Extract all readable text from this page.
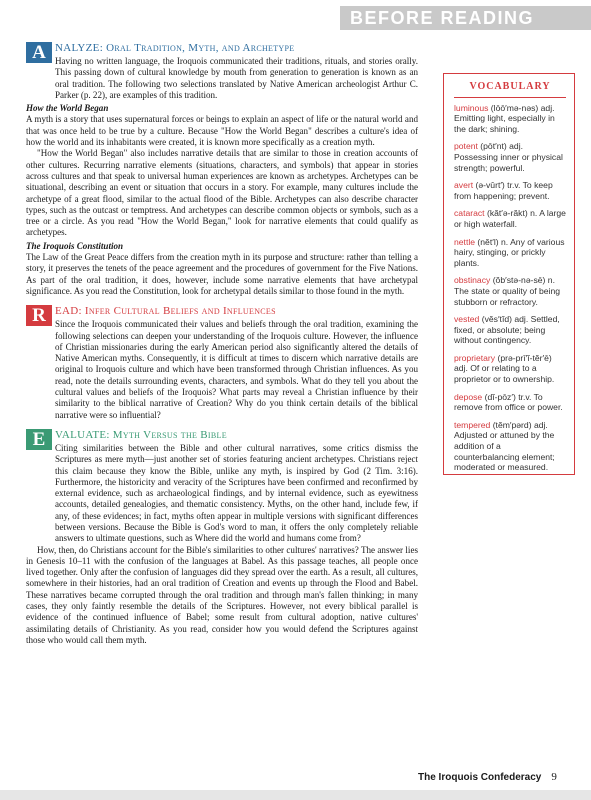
BEFORE READING
A NALYZE: Oral Tradition, Myth, and Archetype

Having no written language, the Iroquois communicated their traditions, rituals, and stories orally. This passing down of cultural knowledge by mouth from generation to generation is known as an oral tradition. The following two selections translated by Native American archeologist Arthur C. Parker (p. 22), are examples of this tradition.

How the World Began

A myth is a story that uses supernatural forces or beings to explain an aspect of life or the natural world and that was once held to be true by a culture. Because "How the World Began" describes a culture's idea of how the world and its inhabitants were created, it is known more specifically as a creation myth.

"How the World Began" also includes narrative details that are similar to those in creation accounts of other cultures. Recurring narrative elements (situations, characters, and symbols) that appear in stories across cultures and that speak to universal human experiences are known as archetypes. Archetypes can be situational, describing an event or situation that occurs in a story. For example, many cultures include the archetype of a great flood, similar to the actual flood of the Bible. Archetypes can also describe character types, such as the outcast or temptress. And archetypes can describe common objects or symbols, such as a tree or a circle. As you read "How the World Began," look for narrative elements that could qualify as archetypes.

The Iroquois Constitution

The Law of the Great Peace differs from the creation myth in its purpose and structure: rather than telling a story, it preserves the tenets of the peace agreement and the procedures of government for the Five Nations. As part of the oral tradition, it does, however, include some narrative elements that have archetypal significance. As you read the Constitution, look for archetypal details similar to those found in the myth.

R EAD: Infer Cultural Beliefs and Influences

Since the Iroquois communicated their values and beliefs through the oral tradition, examining the following selections can deepen your understanding of the Iroquois culture. However, the influence of Christian missionaries during the early American period also significantly altered the details of Native American myths. Consequently, it is difficult at times to discern which narrative details are original to Iroquois culture and which have been transformed through Christian influences. As you read, note the details surrounding events, characters, and symbols. What do they tell you about the cultural values and beliefs of the Iroquois? What parts may reveal a Christian influence by their similarity to the biblical narrative of Creation? Why do you think certain details of the biblical narrative were so influential?

E VALUATE: Myth Versus the Bible

Citing similarities between the Bible and other cultural narratives, some critics dismiss the Scriptures as mere myth—just another set of stories featuring ancient archetypes. Christians reject this claim because they know the Bible, unlike any myth, is inspired by God (2 Tim. 3:16). Furthermore, the historicity and veracity of the Scriptures have been confirmed and reconfirmed by external evidence, such as archaeological findings, and by internal evidence, such as eyewitness accounts, detailed genealogies, and thematic consistency. Myths, on the other hand, include few, if any, of these evidences; in fact, myths often appear in multiple versions with significant differences between versions. Because the Bible is God's word to man, it offers the only completely reliable answers to ultimate questions, such as Where did the world and humans come from?

How, then, do Christians account for the Bible's similarities to other cultures' narratives? The answer lies in Genesis 10–11 with the confusion of the languages at Babel. As this passage teaches, all people once lived together. Only after the confusion of languages did they spread over the earth. As a result, all cultures, somewhere in their histories, had an oral tradition of Creation and events up through the Flood and Babel. These narratives became corrupted through the oral tradition and through man's fallen thinking; in many cases, they only faintly resemble the details of the Scriptures. However, not every biblical parallel is evidence of the continued influence of Babel; some result from cultural adoption, native cultures' assimilating details of Christianity. As you read, consider how you would defend the Scriptures against those who would call them myth.

VOCABULARY
luminous (lōō′mə-nəs) adj. Emitting light, especially in the dark; shining.
potent (pōt′nt) adj. Possessing inner or physical strength; powerful.
avert (ə-vûrt′) tr.v. To keep from happening; prevent.
cataract (kăt′ə-răkt) n. A large or high waterfall.
nettle (nĕt′l) n. Any of various hairy, stinging, or prickly plants.
obstinacy (ŏb′stə-nə-sē) n. The state or quality of being stubborn or refractory.
vested (vĕs′tĭd) adj. Settled, fixed, or absolute; being without contingency.
proprietary (prə-prī′ĭ-tĕr′ē) adj. Of or relating to a proprietor or to ownership.
depose (dĭ-pōz′) tr.v. To remove from office or power.
tempered (tĕm′pərd) adj. Adjusted or attuned by the addition of a counterbalancing element; moderated or measured.
The Iroquois Confederacy 9
